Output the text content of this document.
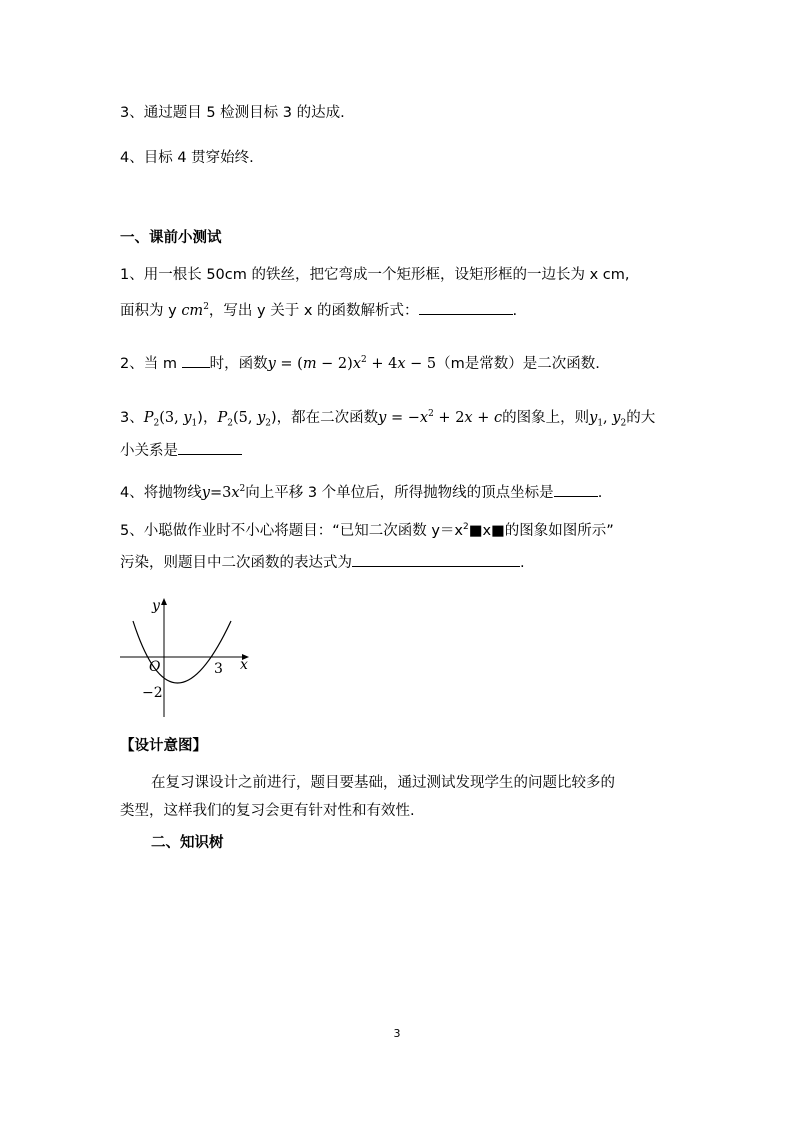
3、通过题目 5 检测目标 3 的达成.
4、目标 4 贯穿始终.
一、课前小测试
1、用一根长 50cm 的铁丝，把它弯成一个矩形框，设矩形框的一边长为 x cm,
面积为 y $cm^2$，写出 y 关于 x 的函数解析式：	.
2、当 m 时，函数$y = (m - 2)x^2 + 4x - 5(m$是常数）是二次函数.
3、$P_2(3$, $y_1$)，$P_2(5$, $y_2$)，都在二次函数$y = -x^2 + 2x + c$的图象上，则$y_1$, $y_2$的大
小关系是
4、将抛物线$y=3x^2$向上平移 3 个单位后，所得抛物线的顶点坐标是	.
5、小聪做作业时不小心将题目：“已知二次函数 $y=x^2■x■$的图象如图所示”
污染，则题目中二次函数的表达式为	.
y
x
O	3
−2
【设计意图】
在复习课设计之前进行，题目要基础，通过测试发现学生的问题比较多的
类型，这样我们的复习会更有针对性和有效性.
二、知识树
3
